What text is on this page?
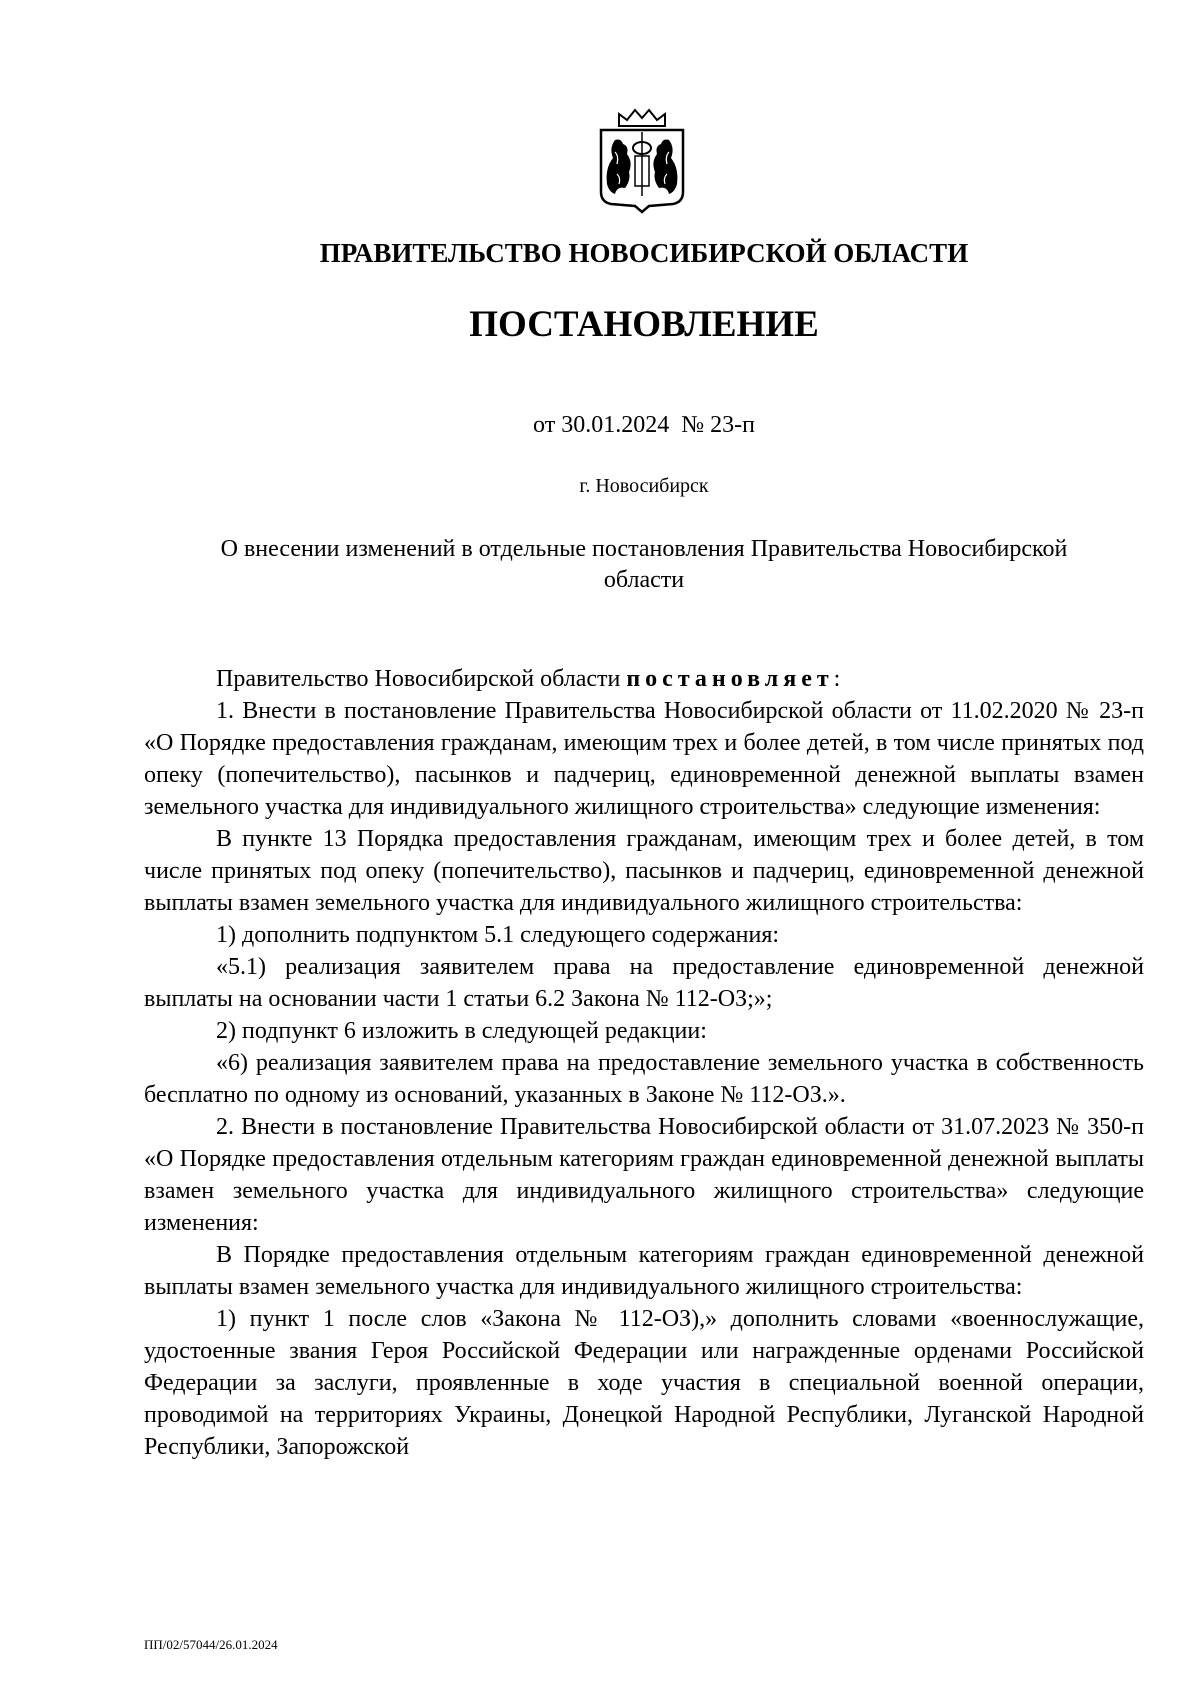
ПРАВИТЕЛЬСТВО НОВОСИБИРСКОЙ ОБЛАСТИ
ПОСТАНОВЛЕНИЕ
от 30.01.2024  № 23-п
г. Новосибирск
О внесении изменений в отдельные постановления Правительства Новосибирской области

Правительство Новосибирской области постановляет:

1. Внести в постановление Правительства Новосибирской области от 11.02.2020 № 23-п «О Порядке предоставления гражданам, имеющим трех и более детей, в том числе принятых под опеку (попечительство), пасынков и падчериц, единовременной денежной выплаты взамен земельного участка для индивидуального жилищного строительства» следующие изменения:

В пункте 13 Порядка предоставления гражданам, имеющим трех и более детей, в том числе принятых под опеку (попечительство), пасынков и падчериц, единовременной денежной выплаты взамен земельного участка для индивидуального жилищного строительства:

1) дополнить подпунктом 5.1 следующего содержания:

«5.1) реализация заявителем права на предоставление единовременной денежной выплаты на основании части 1 статьи 6.2 Закона № 112-ОЗ;»;

2) подпункт 6 изложить в следующей редакции:

«6) реализация заявителем права на предоставление земельного участка в собственность бесплатно по одному из оснований, указанных в Законе № 112-ОЗ.».

2. Внести в постановление Правительства Новосибирской области от 31.07.2023 № 350-п «О Порядке предоставления отдельным категориям граждан единовременной денежной выплаты взамен земельного участка для индивидуального жилищного строительства» следующие изменения:

В Порядке предоставления отдельным категориям граждан единовременной денежной выплаты взамен земельного участка для индивидуального жилищного строительства:

1) пункт 1 после слов «Закона № 112-ОЗ),» дополнить словами «военнослужащие, удостоенные звания Героя Российской Федерации или награжденные орденами Российской Федерации за заслуги, проявленные в ходе участия в специальной военной операции, проводимой на территориях Украины, Донецкой Народной Республики, Луганской Народной Республики, Запорожской

ПП/02/57044/26.01.2024
